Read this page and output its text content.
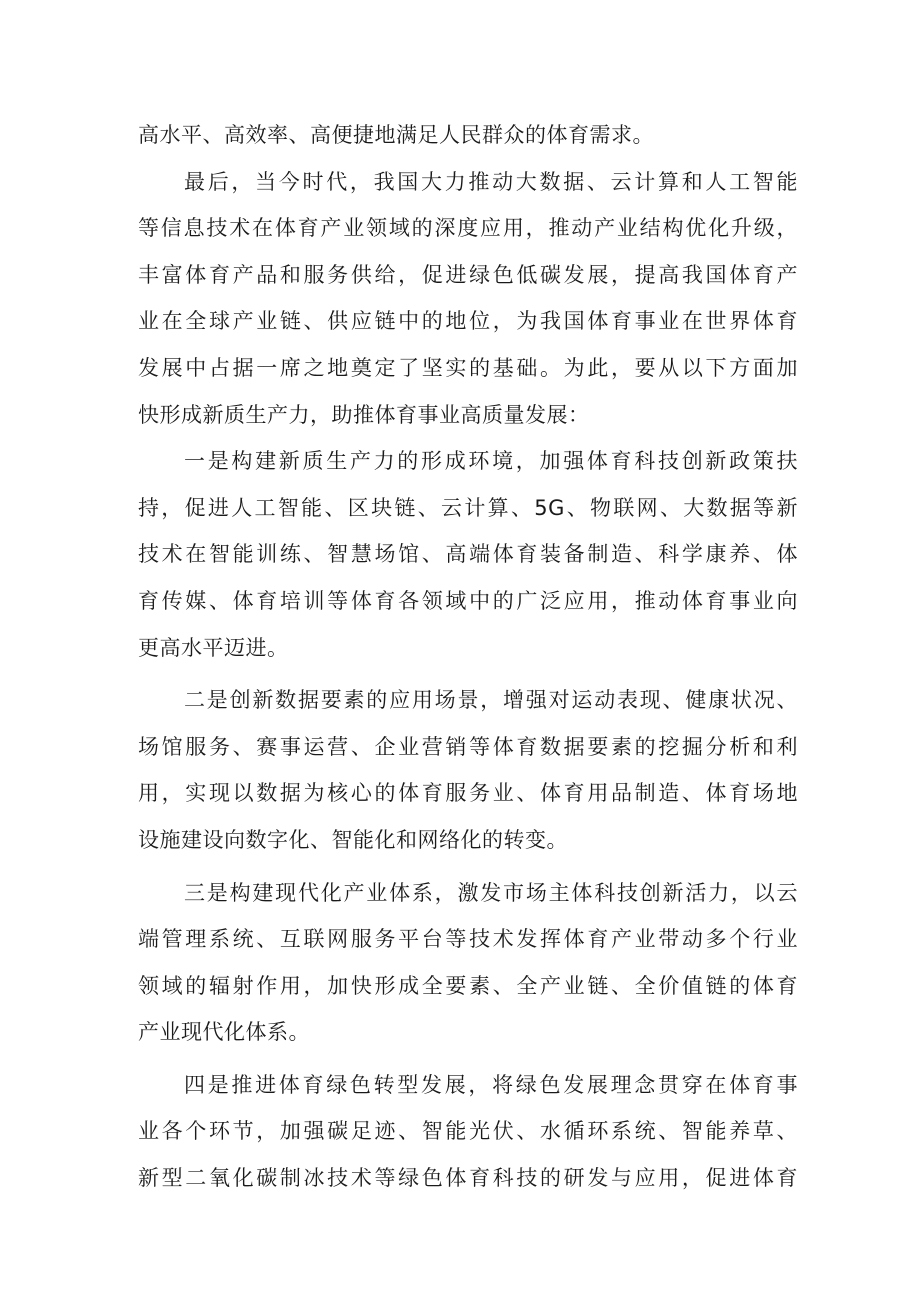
高水平、高效率、高便捷地满足人民群众的体育需求。
最后，当今时代，我国大力推动大数据、云计算和人工智能
等信息技术在体育产业领域的深度应用，推动产业结构优化升级，
丰富体育产品和服务供给，促进绿色低碳发展，提高我国体育产
业在全球产业链、供应链中的地位，为我国体育事业在世界体育
发展中占据一席之地奠定了坚实的基础。为此，要从以下方面加
快形成新质生产力，助推体育事业高质量发展：
一是构建新质生产力的形成环境，加强体育科技创新政策扶
持，促进人工智能、区块链、云计算、5G、物联网、大数据等新
技术在智能训练、智慧场馆、高端体育装备制造、科学康养、体
育传媒、体育培训等体育各领域中的广泛应用，推动体育事业向
更高水平迈进。
二是创新数据要素的应用场景，增强对运动表现、健康状况、
场馆服务、赛事运营、企业营销等体育数据要素的挖掘分析和利
用，实现以数据为核心的体育服务业、体育用品制造、体育场地
设施建设向数字化、智能化和网络化的转变。
三是构建现代化产业体系，激发市场主体科技创新活力，以云
端管理系统、互联网服务平台等技术发挥体育产业带动多个行业
领域的辐射作用，加快形成全要素、全产业链、全价值链的体育
产业现代化体系。
四是推进体育绿色转型发展，将绿色发展理念贯穿在体育事
业各个环节，加强碳足迹、智能光伏、水循环系统、智能养草、
新型二氧化碳制冰技术等绿色体育科技的研发与应用，促进体育
